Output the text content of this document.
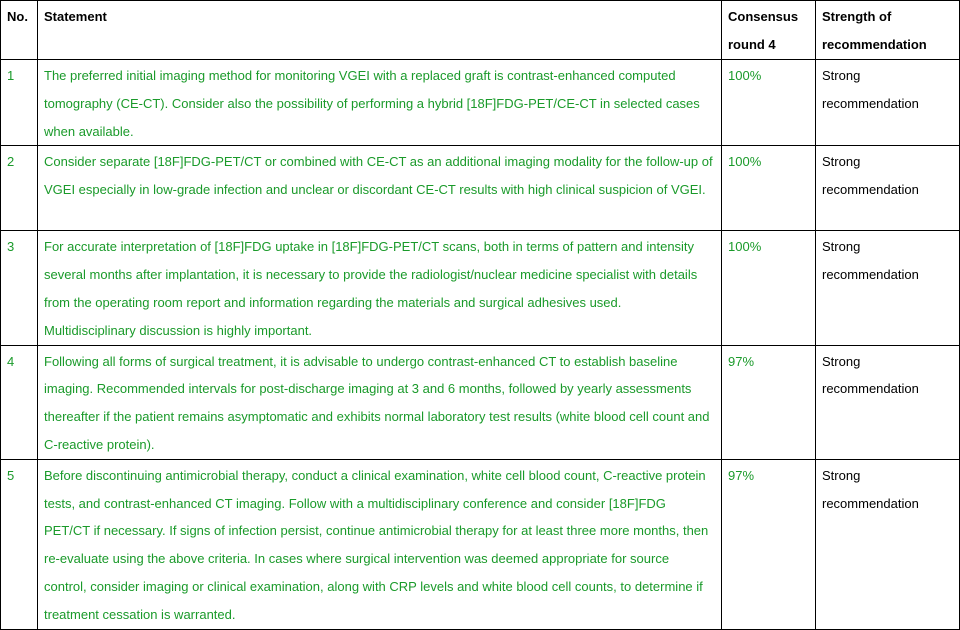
No.	Statement	Consensus round 4	Strength of recommendation
1	The preferred initial imaging method for monitoring VGEI with a replaced graft is contrast-enhanced computed tomography (CE-CT). Consider also the possibility of performing a hybrid [18F]FDG-PET/CE-CT in selected cases when available.	100%	Strong
recommendation

2	Consider separate [18F]FDG-PET/CT or combined with CE-CT as an additional imaging modality for the follow-up of VGEI especially in low-grade infection and unclear or discordant CE-CT results with high clinical suspicion of VGEI.	100%	Strong
recommendation

3	For accurate interpretation of [18F]FDG uptake in [18F]FDG-PET/CT scans, both in terms of pattern and intensity several months after implantation, it is necessary to provide the radiologist/nuclear medicine specialist with details from the operating room report and information regarding the materials and surgical adhesives used. Multidisciplinary discussion is highly important.	100%	Strong
recommendation

4	Following all forms of surgical treatment, it is advisable to undergo contrast-enhanced CT to establish baseline imaging. Recommended intervals for post-discharge imaging at 3 and 6 months, followed by yearly assessments thereafter if the patient remains asymptomatic and exhibits normal laboratory test results (white blood cell count and C-reactive protein).	97%	Strong
recommendation

5	Before discontinuing antimicrobial therapy, conduct a clinical examination, white cell blood count, C-reactive protein tests, and contrast-enhanced CT imaging. Follow with a multidisciplinary conference and consider [18F]FDG PET/CT if necessary. If signs of infection persist, continue antimicrobial therapy for at least three more months, then re-evaluate using the above criteria. In cases where surgical intervention was deemed appropriate for source control, consider imaging or clinical examination, along with CRP levels and white blood cell counts, to determine if treatment cessation is warranted.	97%	Strong
recommendation
